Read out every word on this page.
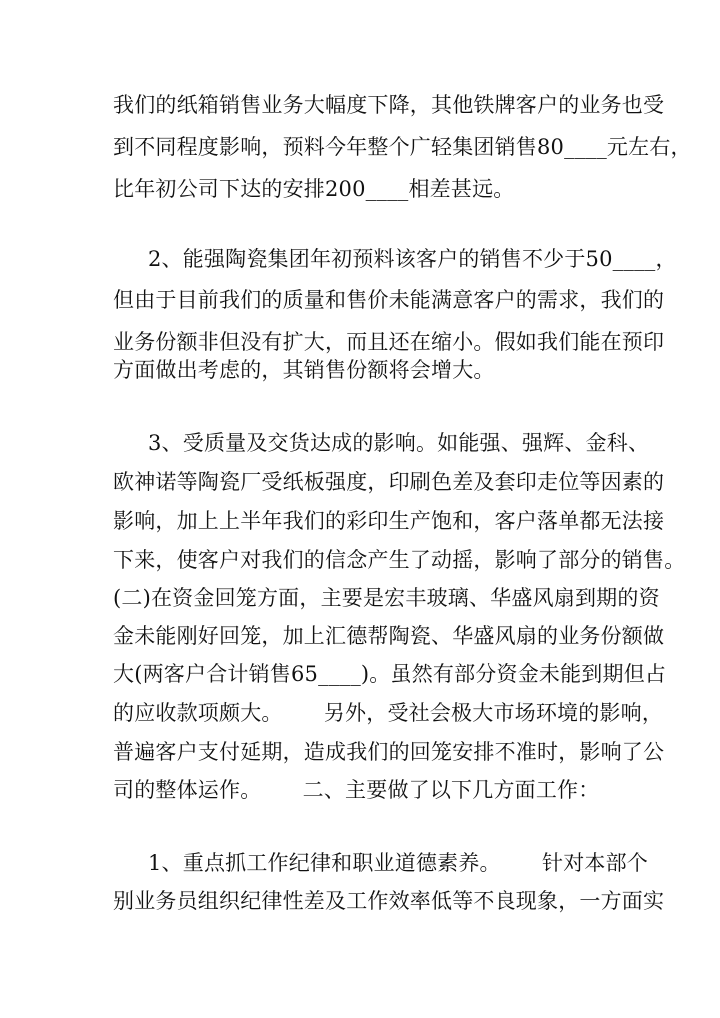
我们的纸箱销售业务大幅度下降，其他铁牌客户的业务也受
到不同程度影响，预料今年整个广轻集团销售80____元左右，
比年初公司下达的安排200____相差甚远。
2、能强陶瓷集团年初预料该客户的销售不少于50____，
但由于目前我们的质量和售价未能满意客户的需求，我们的
业务份额非但没有扩大，而且还在缩小。假如我们能在预印
方面做出考虑的，其销售份额将会增大。
3、受质量及交货达成的影响。如能强、强辉、金科、
欧神诺等陶瓷厂受纸板强度，印刷色差及套印走位等因素的
影响，加上上半年我们的彩印生产饱和，客户落单都无法接
下来，使客户对我们的信念产生了动摇，影响了部分的销售。
(二)在资金回笼方面，主要是宏丰玻璃、华盛风扇到期的资
金未能刚好回笼，加上汇德帮陶瓷、华盛风扇的业务份额做
大(两客户合计销售65____)。虽然有部分资金未能到期但占
的应收款项颇大。      另外，受社会极大市场环境的影响，
普遍客户支付延期，造成我们的回笼安排不准时，影响了公
司的整体运作。      二、主要做了以下几方面工作：
1、重点抓工作纪律和职业道德素养。      针对本部个
别业务员组织纪律性差及工作效率低等不良现象，一方面实
